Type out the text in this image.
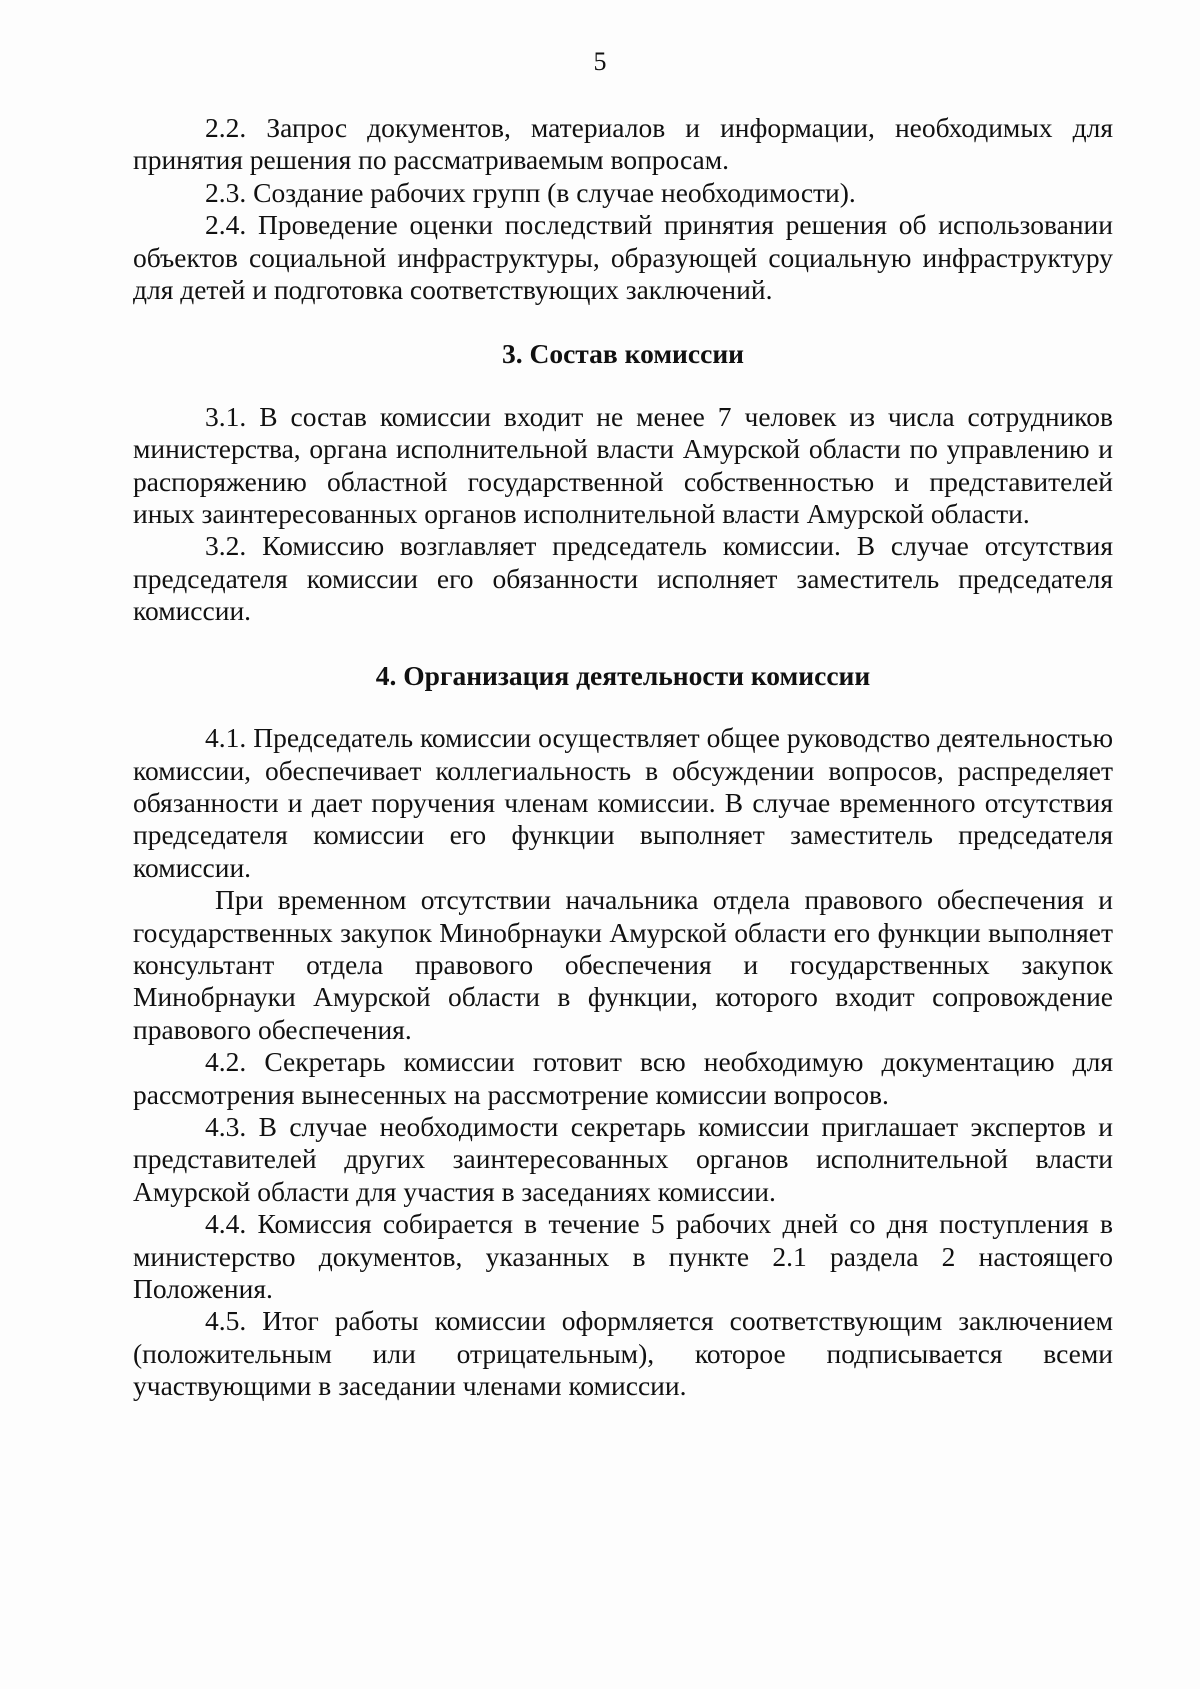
5

2.2. Запрос документов, материалов и информации, необходимых для принятия решения по рассматриваемым вопросам.

2.3. Создание рабочих групп (в случае необходимости).

2.4. Проведение оценки последствий принятия решения об использовании объектов социальной инфраструктуры, образующей социальную инфраструктуру для детей и подготовка соответствующих заключений.

3. Состав комиссии

3.1. В состав комиссии входит не менее 7 человек из числа сотрудников министерства, органа исполнительной власти Амурской области по управлению и распоряжению областной государственной собственностью и представителей иных заинтересованных органов исполнительной власти Амурской области.

3.2. Комиссию возглавляет председатель комиссии. В случае отсутствия председателя комиссии его обязанности исполняет заместитель председателя комиссии.

4. Организация деятельности комиссии

4.1. Председатель комиссии осуществляет общее руководство деятельностью комиссии, обеспечивает коллегиальность в обсуждении вопросов, распределяет обязанности и дает поручения членам комиссии. В случае временного отсутствия председателя комиссии его функции выполняет заместитель председателя комиссии.

При временном отсутствии начальника отдела правового обеспечения и государственных закупок Минобрнауки Амурской области его функции выполняет консультант отдела правового обеспечения и государственных закупок Минобрнауки Амурской области в функции, которого входит сопровождение правового обеспечения.

4.2. Секретарь комиссии готовит всю необходимую документацию для рассмотрения вынесенных на рассмотрение комиссии вопросов.

4.3. В случае необходимости секретарь комиссии приглашает экспертов и представителей других заинтересованных органов исполнительной власти Амурской области для участия в заседаниях комиссии.

4.4. Комиссия собирается в течение 5 рабочих дней со дня поступления в министерство документов, указанных в пункте 2.1 раздела 2 настоящего Положения.

4.5. Итог работы комиссии оформляется соответствующим заключением (положительным или отрицательным), которое подписывается всеми участвующими в заседании членами комиссии.
